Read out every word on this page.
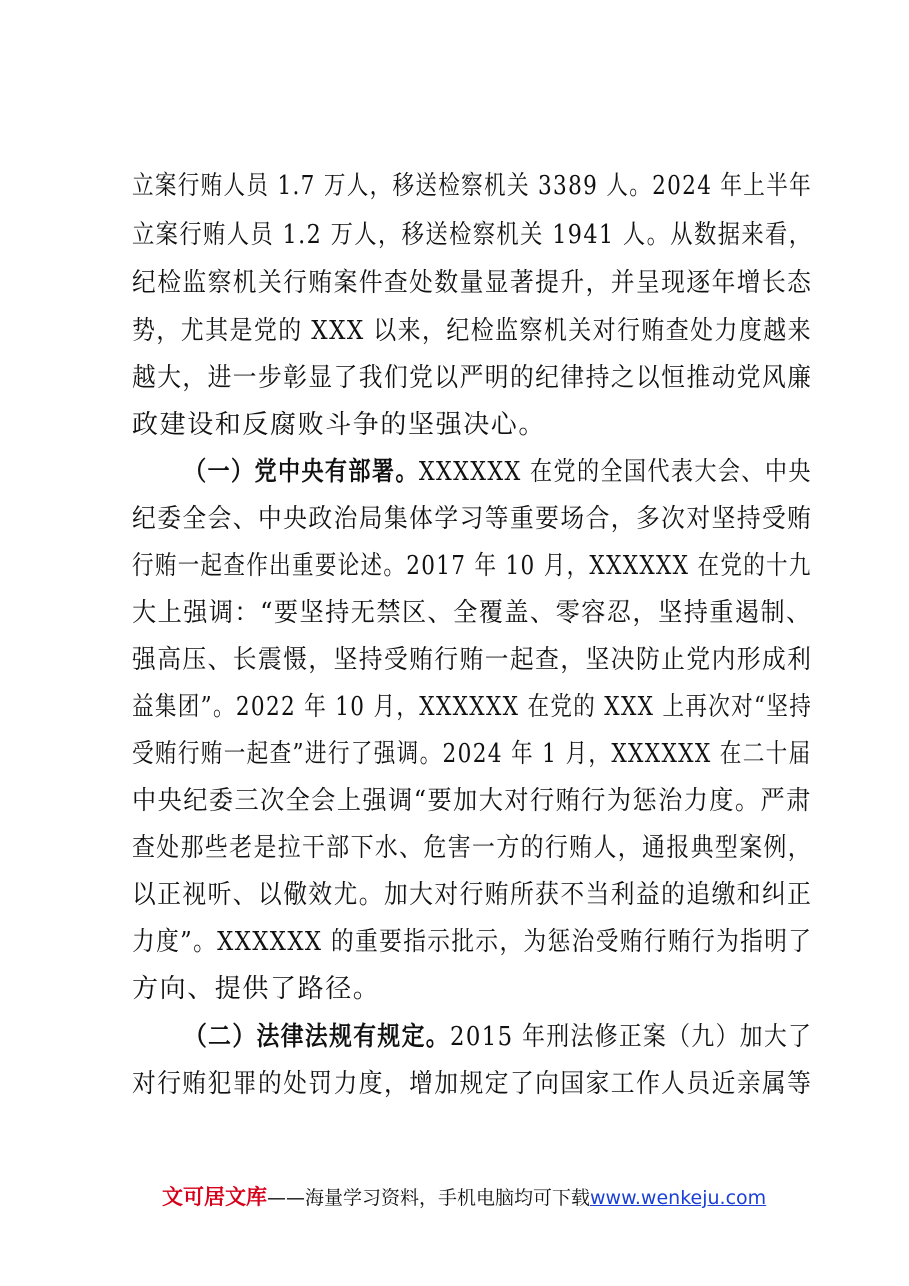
立案行贿人员 1.7 万人，移送检察机关 3389 人。2024 年上半年
立案行贿人员 1.2 万人，移送检察机关 1941 人。从数据来看，
纪检监察机关行贿案件查处数量显著提升，并呈现逐年增长态
势，尤其是党的 XXX 以来，纪检监察机关对行贿查处力度越来
越大，进一步彰显了我们党以严明的纪律持之以恒推动党风廉
政建设和反腐败斗争的坚强决心。
（一）党中央有部署。XXXXXX 在党的全国代表大会、中央
纪委全会、中央政治局集体学习等重要场合，多次对坚持受贿
行贿一起查作出重要论述。2017 年 10 月，XXXXXX 在党的十九
大上强调：“要坚持无禁区、全覆盖、零容忍，坚持重遏制、
强高压、长震慑，坚持受贿行贿一起查，坚决防止党内形成利
益集团”。2022 年 10 月，XXXXXX 在党的 XXX 上再次对“坚持
受贿行贿一起查”进行了强调。2024 年 1 月，XXXXXX 在二十届
中央纪委三次全会上强调“要加大对行贿行为惩治力度。严肃
查处那些老是拉干部下水、危害一方的行贿人，通报典型案例，
以正视听、以儆效尤。加大对行贿所获不当利益的追缴和纠正
力度”。XXXXXX 的重要指示批示，为惩治受贿行贿行为指明了
方向、提供了路径。
（二）法律法规有规定。2015 年刑法修正案（九）加大了
对行贿犯罪的处罚力度，增加规定了向国家工作人员近亲属等
文可居文库——海量学习资料，手机电脑均可下载www.wenkeju.com
